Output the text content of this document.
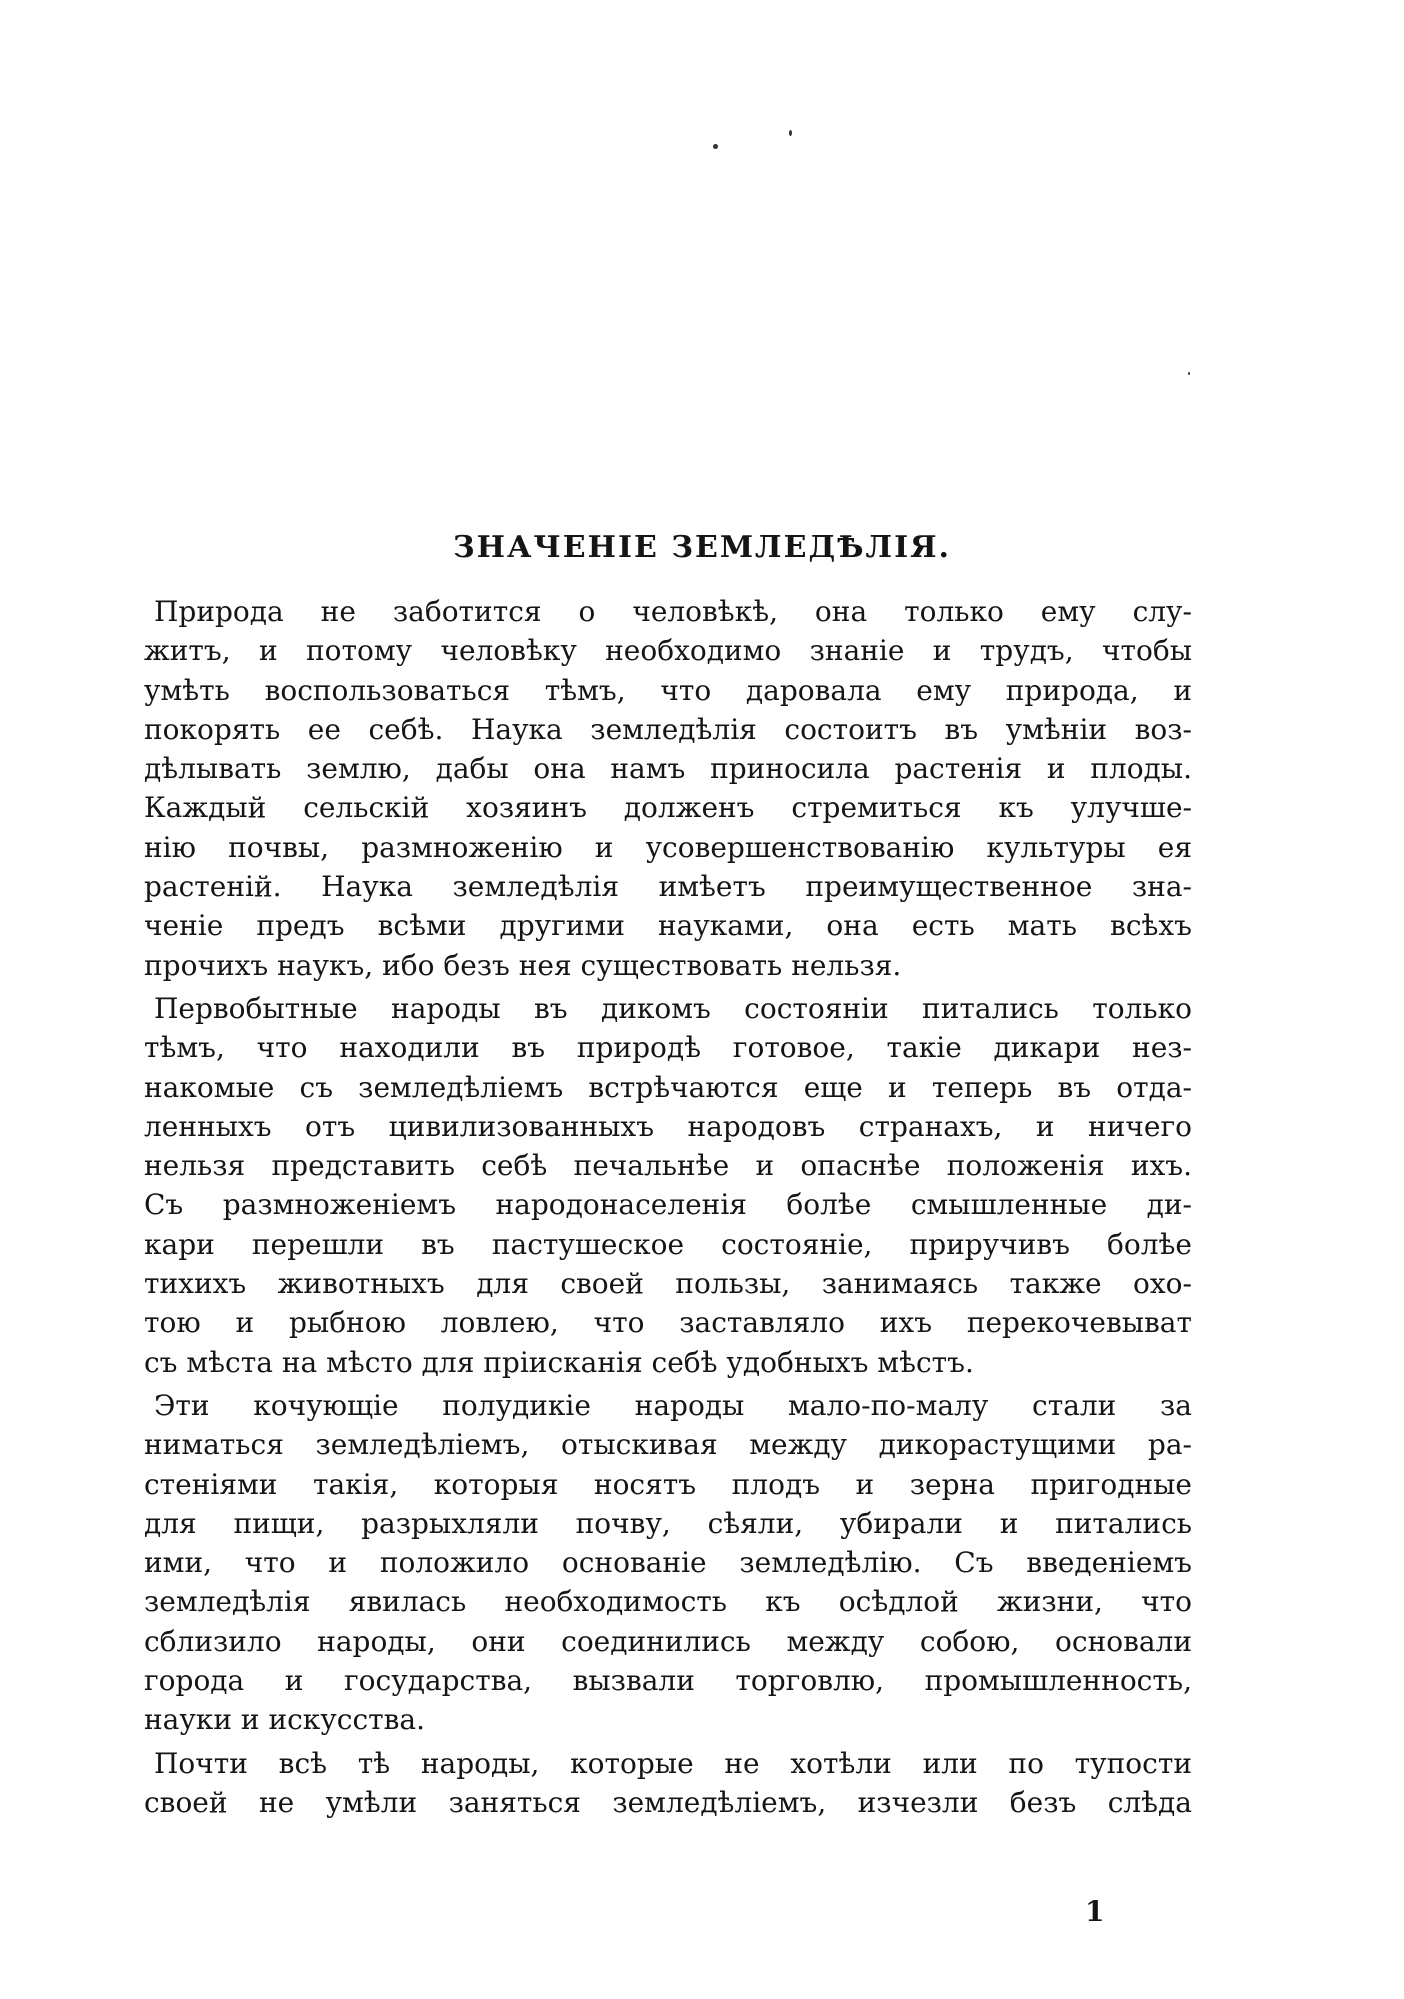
ЗНАЧЕНІЕ ЗЕМЛЕДѢЛІЯ.

Природа не заботится о человѣкѣ, она только ему слу-
житъ, и потому человѣку необходимо знаніе и трудъ, чтобы
умѣть воспользоваться тѣмъ, что даровала ему природа, и
покорять ее себѣ. Наука земледѣлія состоитъ въ умѣніи воз-
дѣлывать землю, дабы она намъ приносила растенія и плоды.
Каждый сельскій хозяинъ долженъ стремиться къ улучше-
нію почвы, размноженію и усовершенствованію культуры ея
растеній. Наука земледѣлія имѣетъ преимущественное зна-
ченіе предъ всѣми другими науками, она есть мать всѣхъ
прочихъ наукъ, ибо безъ нея существовать нельзя.

Первобытные народы въ дикомъ состояніи питались только
тѣмъ, что находили въ природѣ готовое, такіе дикари нез-
накомые съ земледѣліемъ встрѣчаются еще и теперь въ отда-
ленныхъ отъ цивилизованныхъ народовъ странахъ, и ничего
нельзя представить себѣ печальнѣе и опаснѣе положенія ихъ.
Съ размноженіемъ народонаселенія болѣе смышленные ди-
кари перешли въ пастушеское состояніе, приручивъ болѣе
тихихъ животныхъ для своей пользы, занимаясь также охо-
тою и рыбною ловлею, что заставляло ихъ перекочевыват
съ мѣста на мѣсто для пріисканія себѣ удобныхъ мѣстъ.

Эти кочующіе полудикіе народы мало-по-малу стали за
ниматься земледѣліемъ, отыскивая между дикорастущими ра-
стеніями такія, которыя носятъ плодъ и зерна пригодные
для пищи, разрыхляли почву, сѣяли, убирали и питались
ими, что и положило основаніе земледѣлію. Съ введеніемъ
земледѣлія явилась необходимость къ осѣдлой жизни, что
сблизило народы, они соединились между собою, основали
города и государства, вызвали торговлю, промышленность,
науки и искусства.

Почти всѣ тѣ народы, которые не хотѣли или по тупости
своей не умѣли заняться земледѣліемъ, изчезли безъ слѣда

1
